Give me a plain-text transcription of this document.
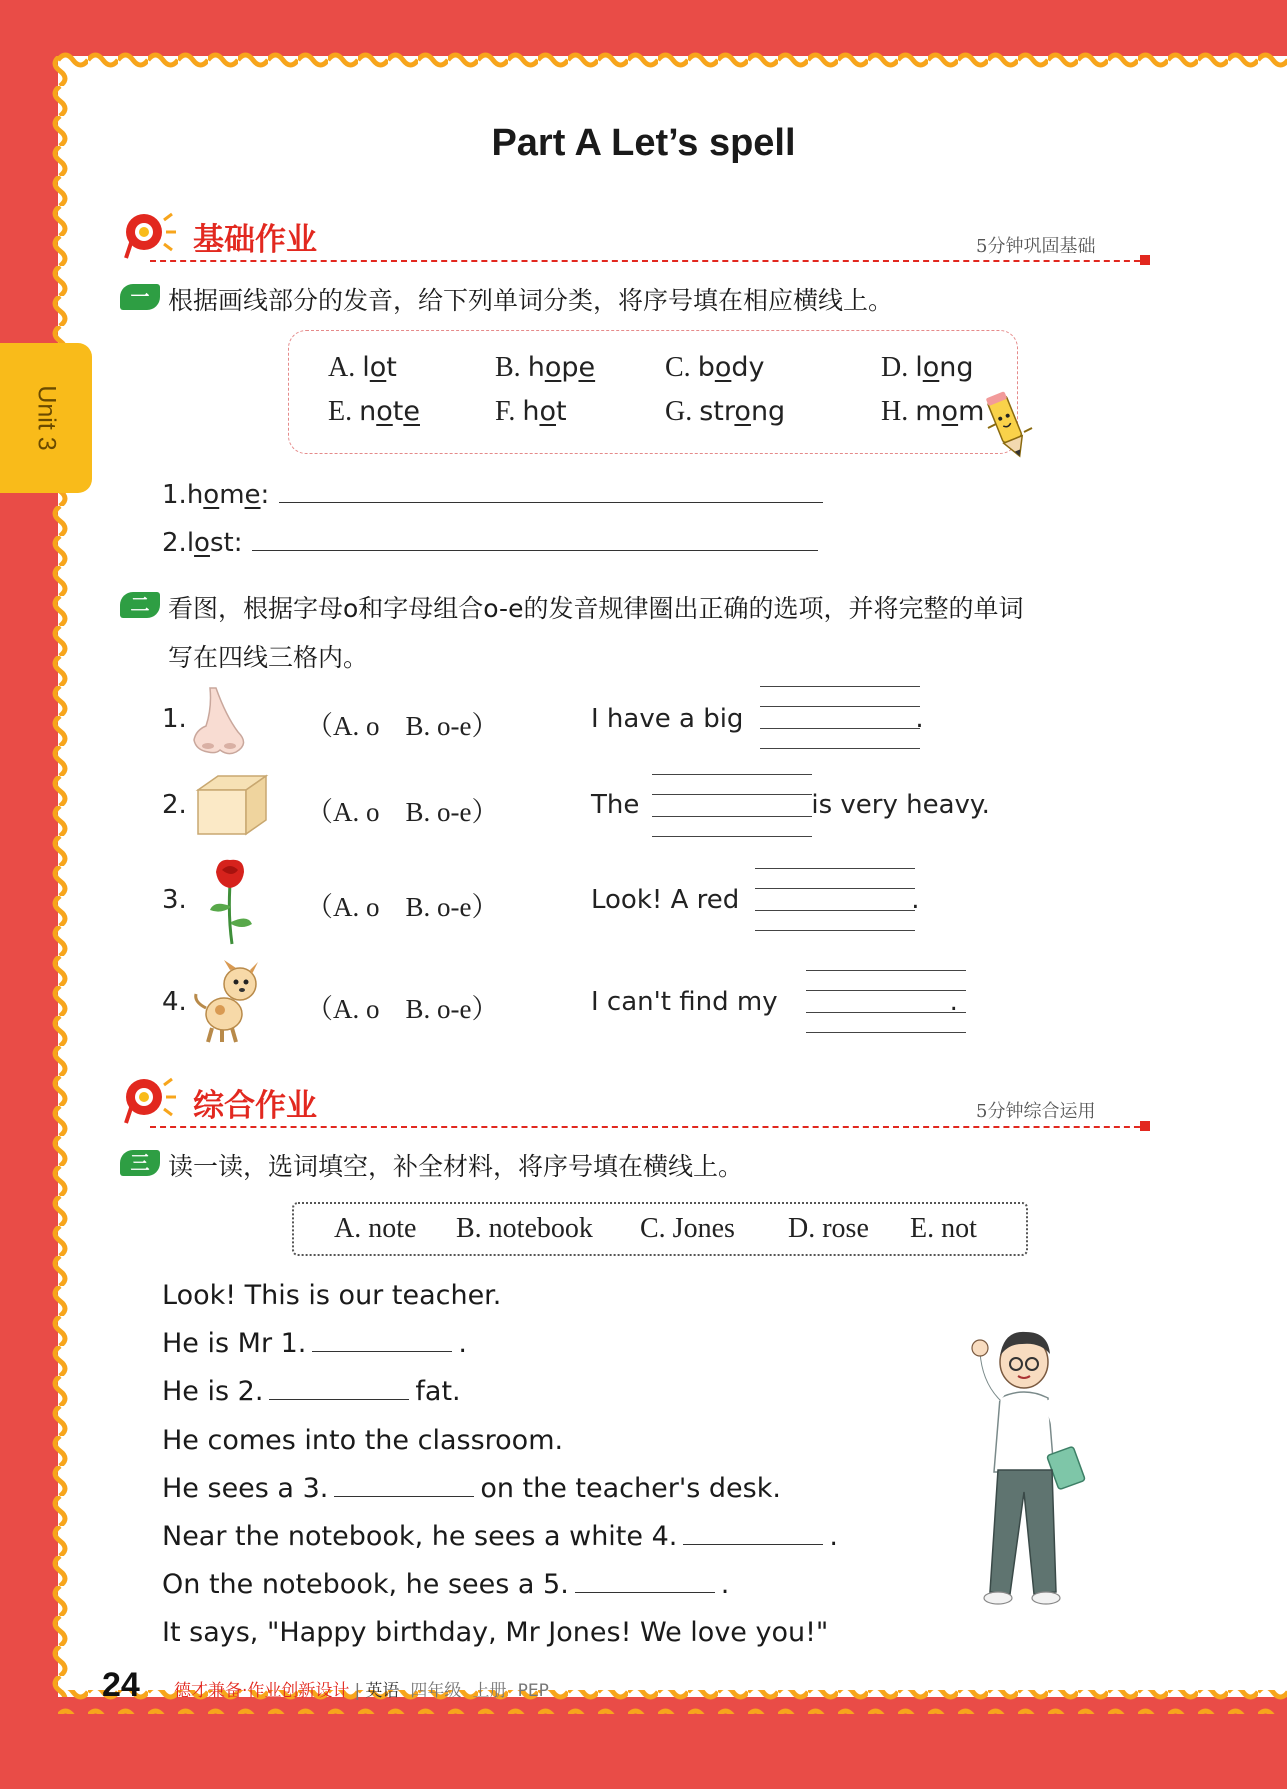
Unit 3
Part A Let’s spell
基础作业	5分钟巩固基础
一 根据画线部分的发音，给下列单词分类，将序号填在相应横线上。
A. lot	B. hope C. body	D. long
E. note	F. hot	G. strong	H. mom
1.home:
2.lost:
二 看图，根据字母o和字母组合o-e的发音规律圈出正确的选项，并将完整的单词
写在四线三格内。
1.	（A. o B. o-e）	I have a big	.
2.	（A. o B. o-e）	The	is very heavy.
3.	（A. o B. o-e）	Look! A red	.
4.	（A. o B. o-e）	I can't find my	.
综合作业	5分钟综合运用
三 读一读，选词填空，补全材料，将序号填在横线上。
A. note B. notebook C. Jones D. rose E. not
Look! This is our teacher.
He is Mr 1.	.
He is 2.	fat.
He comes into the classroom.
He sees a 3.	on the teacher's desk.
Near the notebook, he sees a white 4.	.
On the notebook, he sees a 5.	.
It says, "Happy birthday, Mr Jones! We love you!"
24 德才兼备·作业创新设计 | 英语 四年级 上册 PEP
